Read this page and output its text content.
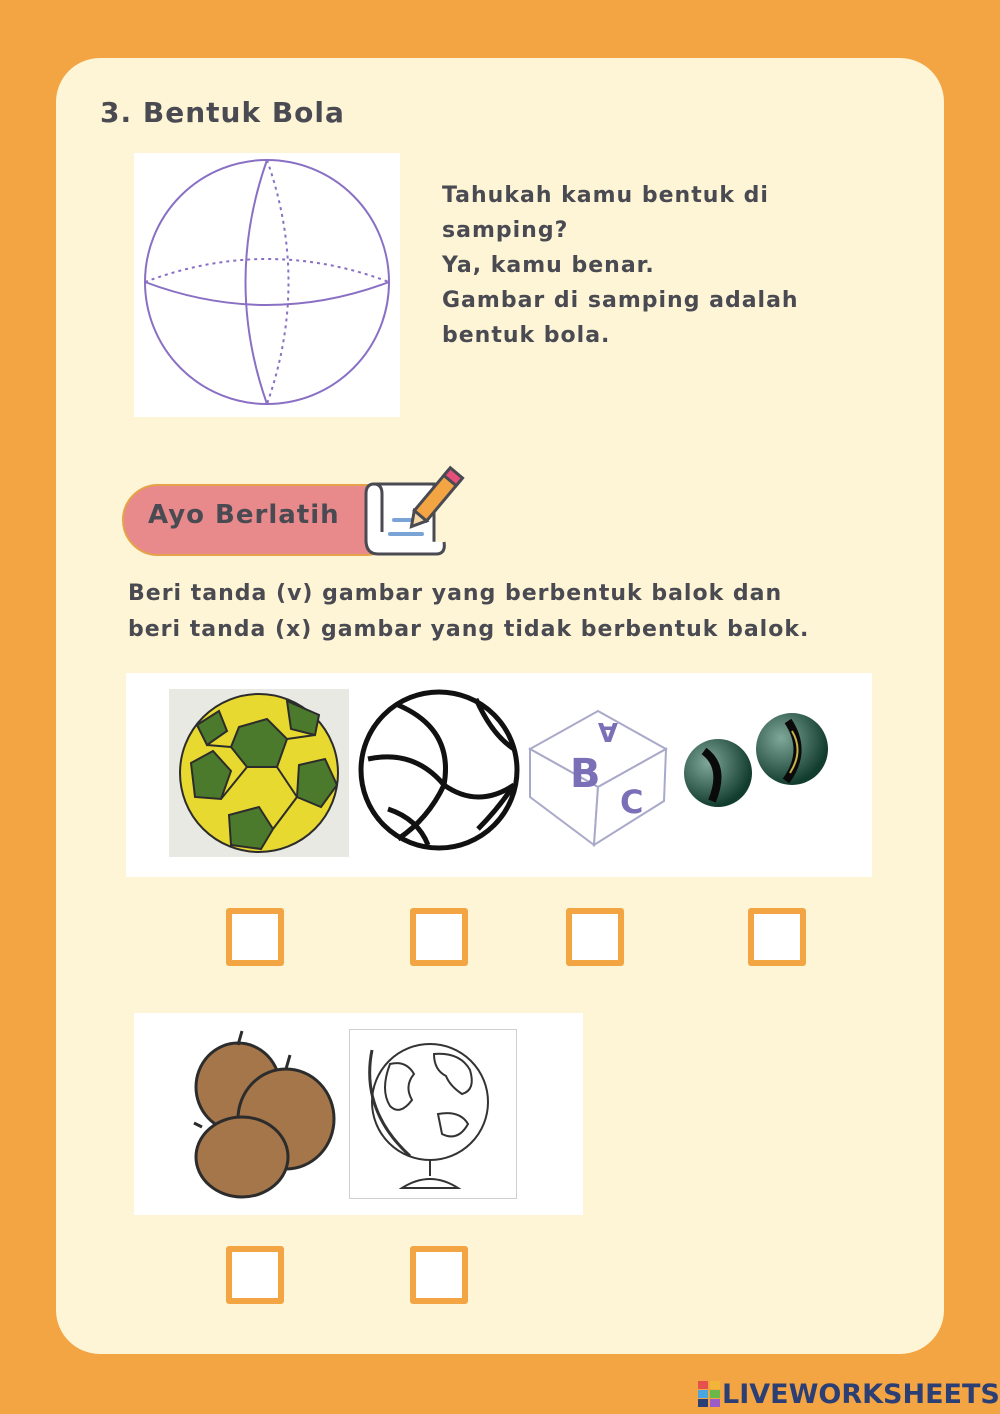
3. Bentuk Bola
Tahukah kamu bentuk di
samping?
Ya, kamu benar.
Gambar di samping adalah
bentuk bola.
Ayo Berlatih
Beri tanda (v) gambar yang berbentuk balok dan
beri tanda (x) gambar yang tidak berbentuk balok.
B
C
A
LIVEWORKSHEETS
